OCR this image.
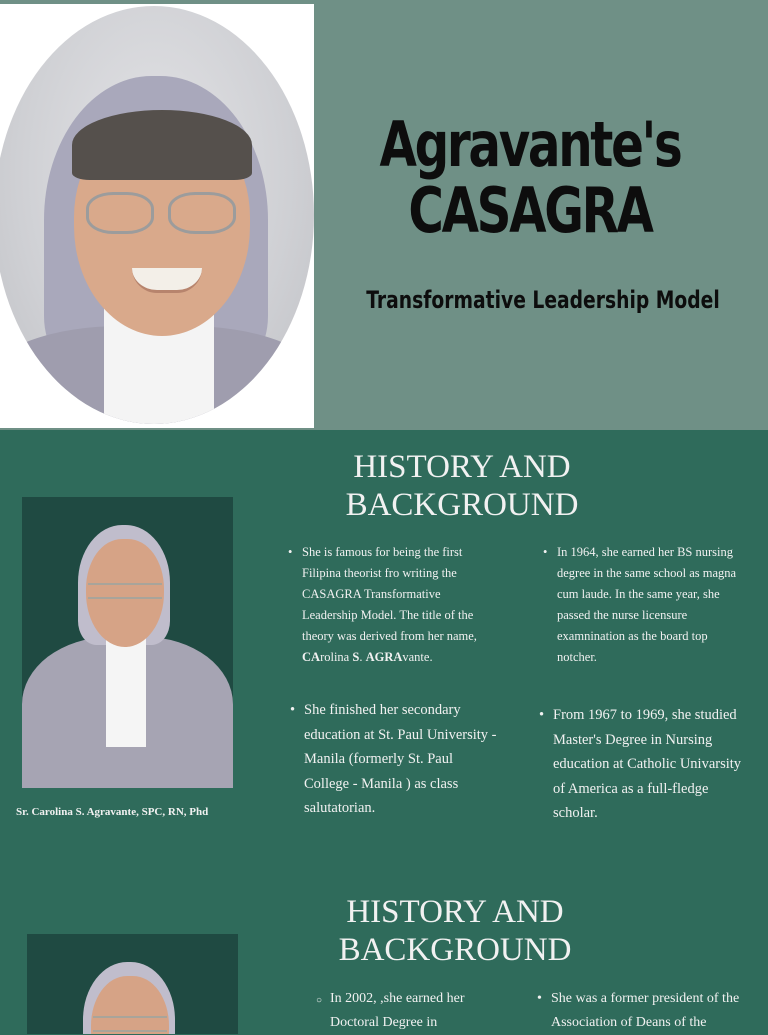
Agravante's
CASAGRA
Transformative Leadership Model
HISTORY AND
BACKGROUND
Sr. Carolina S. Agravante, SPC, RN, Phd
• She is famous for being the first Filipina theorist fro writing the CASAGRA Transformative Leadership Model. The title of the theory was derived from her name, CArolina S. AGRAvante.
• She finished her secondary education at St. Paul University - Manila (formerly St. Paul College - Manila ) as class salutatorian.
• In 1964, she earned her BS nursing degree in the same school as magna cum laude. In the same year, she passed the nurse licensure examnination as the board top notcher.
• From 1967 to 1969, she studied Master's Degree in Nursing education at Catholic Univarsity of America as a full-fledge scholar.
HISTORY AND
BACKGROUND
○ In 2002, ,she earned her Doctoral Degree in
• She was a former president of the Association of Deans of the
